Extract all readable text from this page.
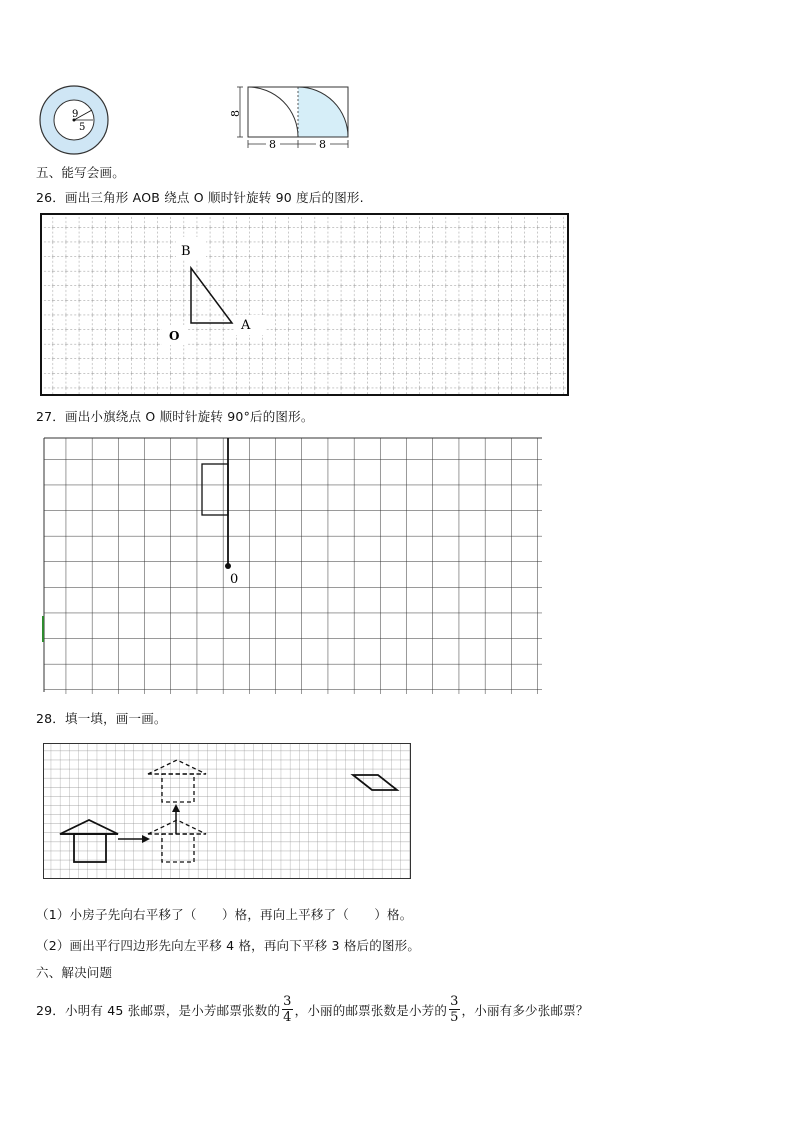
9
5
8
8	8
五、能写会画。
26．画出三角形 AOB 绕点 O 顺时针旋转 90 度后的图形.
B
A
O
27．画出小旗绕点 O 顺时针旋转 90°后的图形。
0
28．填一填，画一画。
（1）小房子先向右平移了（　　）格，再向上平移了（　　）格。
（2）画出平行四边形先向左平移 4 格，再向下平移 3 格后的图形。
六、解决问题
29．小明有 45 张邮票，是小芳邮票张数的 $\frac{3}{4}$ ，小丽的邮票张数是小芳的 $\frac{3}{5}$ ，小丽有多少张邮票？
